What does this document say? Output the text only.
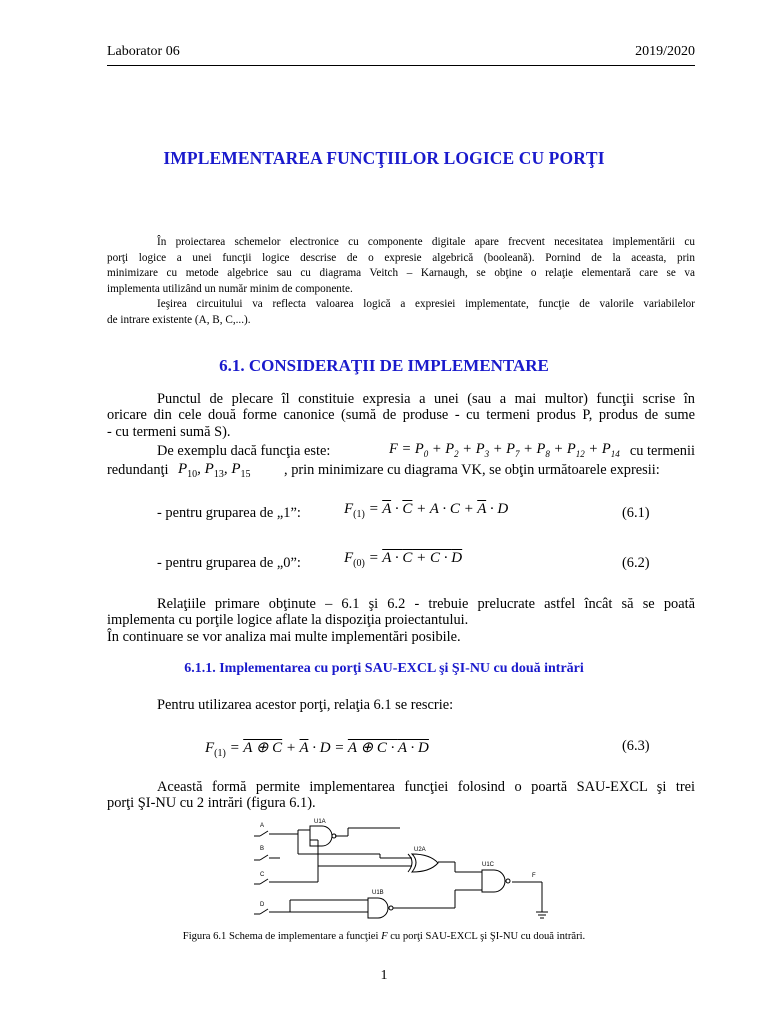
Laborator 06	2019/2020
IMPLEMENTAREA FUNCŢIILOR LOGICE CU PORŢI
În proiectarea schemelor electronice cu componente digitale apare frecvent necesitatea implementării cu
porţi logice a unei funcţii logice descrise de o expresie algebrică (booleană). Pornind de la aceasta, prin
minimizare cu metode algebrice sau cu diagrama Veitch – Karnaugh, se obţine o relaţie elementară care se va
implementa utilizând un număr minim de componente.
Ieşirea circuitului va reflecta valoarea logică a expresiei implementate, funcţie de valorile variabilelor
de intrare existente (A, B, C,...).
6.1. CONSIDERAŢII DE IMPLEMENTARE
Punctul de plecare îl constituie expresia a unei (sau a mai multor) funcţii scrise în
oricare din cele două forme canonice (sumă de produse - cu termeni produs P, produs de sume
- cu termeni sumă S).
De exemplu dacă funcţia este:	$F = P_0 + P_2 + P_3 + P_7 + P_8 + P_{12} + P_{14}$ cu termenii
redundanţi $P_{10}$, $P_{13}$, $P_{15}$ , prin minimizare cu diagrama VK, se obţin următoarele expresii:
- pentru gruparea de „1”:	$F_{(1)} = \overline{A} \cdot \overline{C} + A \cdot C + \overline{A} \cdot D$	(6.1)
- pentru gruparea de „0”:	$F_{(0)} = A \cdot C + C \cdot D$	(6.2)
Relaţiile primare obţinute – 6.1 şi 6.2 - trebuie prelucrate astfel încât să se poată
implementa cu porţile logice aflate la dispoziţia proiectantului.
În continuare se vor analiza mai multe implementări posibile.
6.1.1. Implementarea cu porţi SAU-EXCL şi ŞI-NU cu două intrări
Pentru utilizarea acestor porţi, relaţia 6.1 se rescrie:
$F_{(1)} = A$ ⊕ $C + \overline{A} \cdot D = A$ ⊕ C · A · D	(6.3)
Această formă permite implementarea funcţiei folosind o poartă SAU-EXCL şi trei
porţi ŞI-NU cu 2 intrări (figura 6.1).
A
B
C
D
U1A
U2A
U1B
U1C
F
Figura 6.1 Schema de implementare a funcţiei F cu porţi SAU-EXCL şi ŞI-NU cu două intrări.
1
